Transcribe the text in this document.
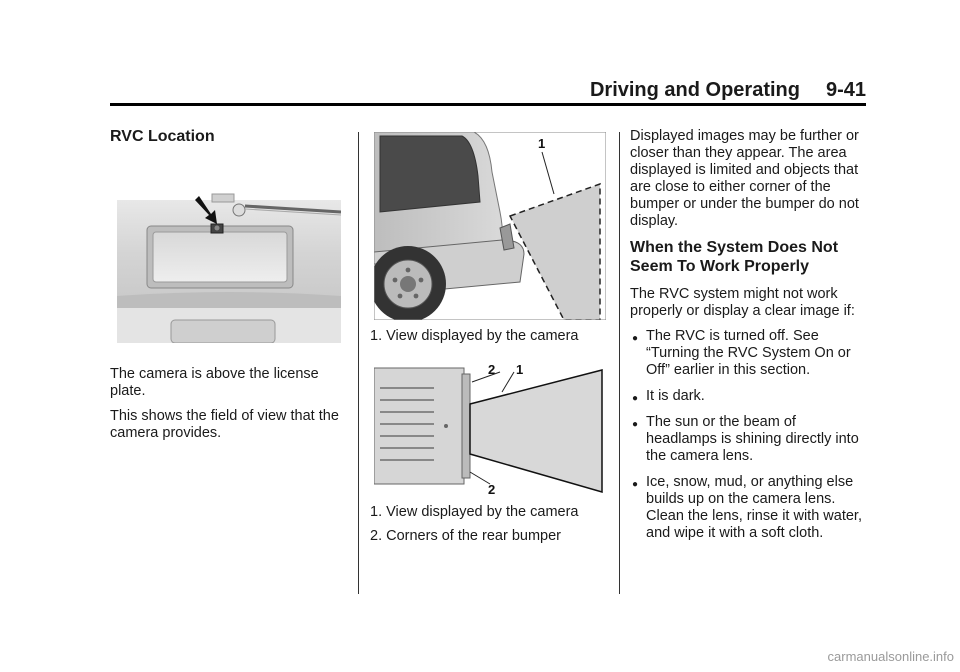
Driving and Operating 9-41
RVC Location

The camera is above the license plate.

This shows the field of view that the camera provides.

1
1. View displayed by the camera
2 1
2
1. View displayed by the camera
2. Corners of the rear bumper

Displayed images may be further or closer than they appear. The area displayed is limited and objects that are close to either corner of the bumper or under the bumper do not display.

When the System Does Not Seem To Work Properly

The RVC system might not work properly or display a clear image if:

● The RVC is turned off. See “Turning the RVC System On or Off” earlier in this section.
● It is dark.
● The sun or the beam of headlamps is shining directly into the camera lens.
● Ice, snow, mud, or anything else builds up on the camera lens. Clean the lens, rinse it with water, and wipe it with a soft cloth.
carmanualsonline.info
